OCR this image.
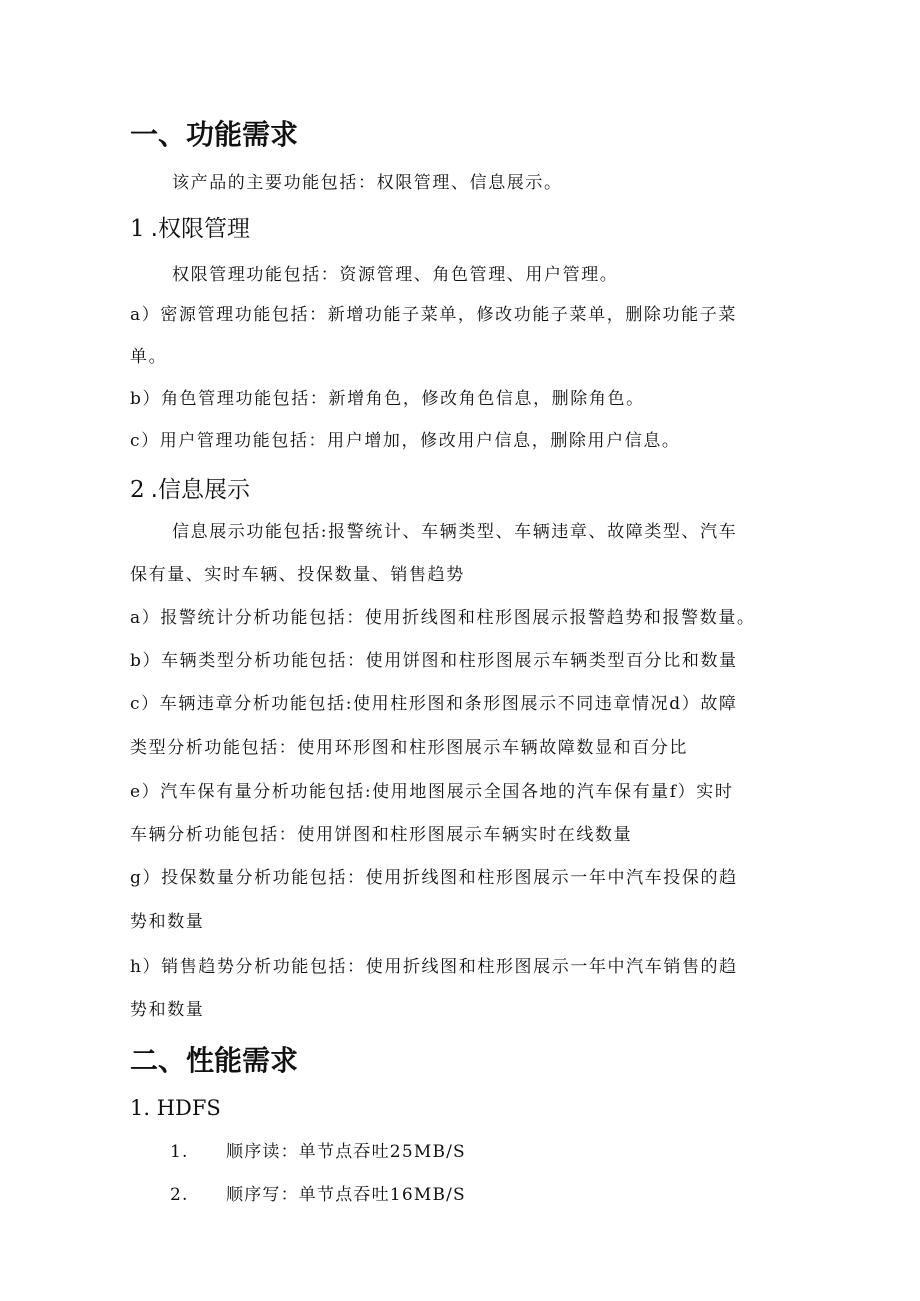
一、功能需求
该产品的主要功能包括：权限管理、信息展示。
1.权限管理
权限管理功能包括：资源管理、角色管理、用户管理。
a）密源管理功能包括：新增功能子菜单，修改功能子菜单，删除功能子菜
单。
b）角色管理功能包括：新增角色，修改角色信息，删除角色。
c）用户管理功能包括：用户增加，修改用户信息，删除用户信息。
2.信息展示
信息展示功能包括:报警统计、车辆类型、车辆违章、故障类型、汽车
保有量、实时车辆、投保数量、销售趋势
a）报警统计分析功能包括：使用折线图和柱形图展示报警趋势和报警数量。
b）车辆类型分析功能包括：使用饼图和柱形图展示车辆类型百分比和数量
c）车辆违章分析功能包括:使用柱形图和条形图展示不同违章情况d）故障
类型分析功能包括：使用环形图和柱形图展示车辆故障数显和百分比
e）汽车保有量分析功能包括:使用地图展示全国各地的汽车保有量f）实时
车辆分析功能包括：使用饼图和柱形图展示车辆实时在线数量
g）投保数量分析功能包括：使用折线图和柱形图展示一年中汽车投保的趋
势和数量
h）销售趋势分析功能包括：使用折线图和柱形图展示一年中汽车销售的趋
势和数量
二、性能需求
1. HDFS
1. 顺序读：单节点吞吐25MB/S
2. 顺序写：单节点吞吐16MB/S
